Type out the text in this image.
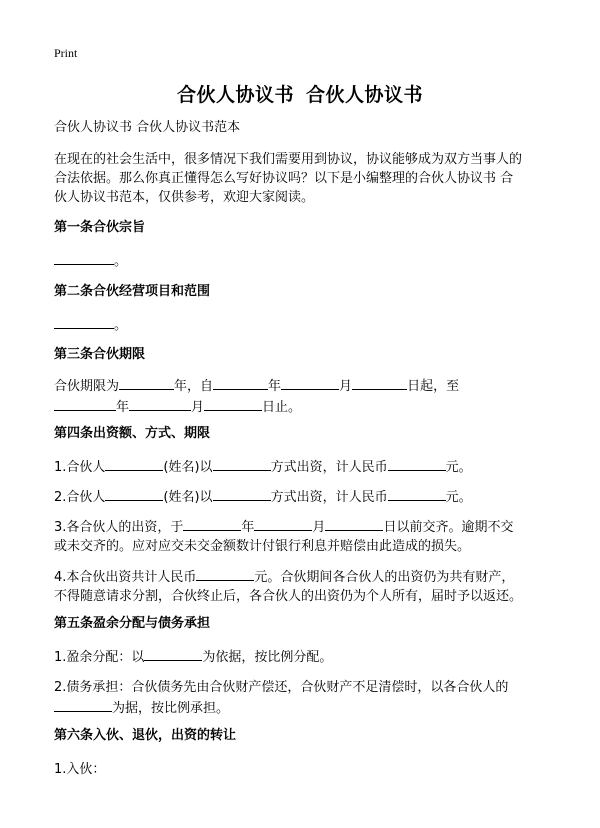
Print
合伙人协议书 合伙人协议书
合伙人协议书 合伙人协议书范本
在现在的社会生活中，很多情况下我们需要用到协议，协议能够成为双方当事人的
合法依据。那么你真正懂得怎么写好协议吗？以下是小编整理的合伙人协议书 合
伙人协议书范本，仅供参考，欢迎大家阅读。
第一条合伙宗旨
。
第二条合伙经营项目和范围
。
第三条合伙期限
合伙期限为	年，自	年	月	日起，至
年	月	日止。
第四条出资额、方式、期限
1.合伙人	(姓名)以	方式出资，计人民币	元。
2.合伙人	(姓名)以	方式出资，计人民币	元。
3.各合伙人的出资，于	年	月	日以前交齐。逾期不交
或未交齐的。应对应交未交金额数计付银行利息并赔偿由此造成的损失。
4.本合伙出资共计人民币	元。合伙期间各合伙人的出资仍为共有财产，
不得随意请求分割，合伙终止后，各合伙人的出资仍为个人所有，届时予以返还。
第五条盈余分配与债务承担
1.盈余分配：以	为依据，按比例分配。
2.债务承担：合伙债务先由合伙财产偿还，合伙财产不足清偿时，以各合伙人的
为据，按比例承担。
第六条入伙、退伙，出资的转让
1.入伙：
